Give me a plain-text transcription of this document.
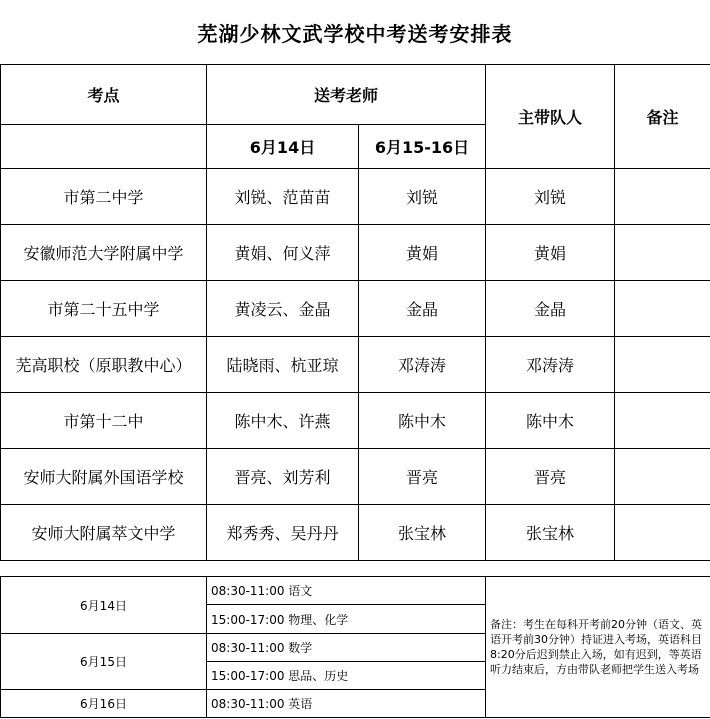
芜湖少林文武学校中考送考安排表
考点	送考老师		主带队人	备注

	6月14日	6月15-16日		
市第二中学	刘锐、范苗苗	刘锐	刘锐	
安徽师范大学附属中学	黄娟、何义萍	黄娟	黄娟	
市第二十五中学	黄凌云、金晶	金晶	金晶	
芜高职校（原职教中心）	陆晓雨、杭亚琼	邓涛涛	邓涛涛	
市第十二中	陈中木、许燕	陈中木	陈中木	
安师大附属外国语学校	晋亮、刘芳利	晋亮	晋亮	
安师大附属萃文中学	郑秀秀、吴丹丹	张宝林	张宝林	
6月14日	08:30-11:00 语文	备注：考生在每科开考前20分钟（语文、英语开考前30分钟）持证进入考场，英语科目8:20分后迟到禁止入场，如有迟到，等英语听力结束后，方由带队老师把学生送入考场
	15:00-17:00 物理、化学	
6月15日	08:30-11:00 数学	
	15:00-17:00 思品、历史	
6月16日	08:30-11:00 英语	
